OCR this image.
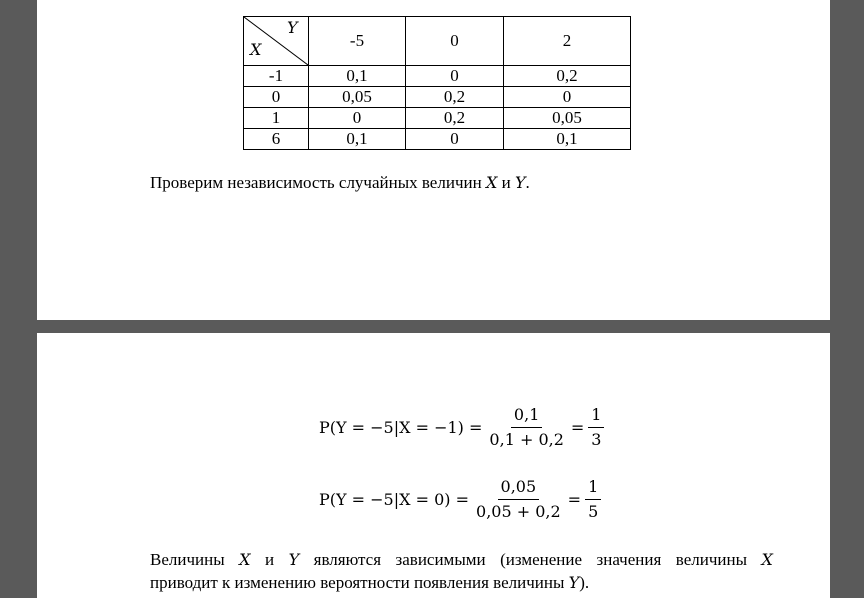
Y
X	-5	0	2
-1	0,1	0	0,2
0	0,05	0,2	0
1	0	0,2	0,05
6	0,1	0	0,1
Проверим независимость случайных величин X и Y.
$P(Y = -5|X = -1) = \frac{0,1}{0,1 + 0,2} = \frac{1}{3}$
$P(Y = -5|X = 0) = \frac{0,05}{0,05 + 0,2} = \frac{1}{5}$
Величины X и Y являются зависимыми (изменение значения величины X
приводит к изменению вероятности появления величины Y).
